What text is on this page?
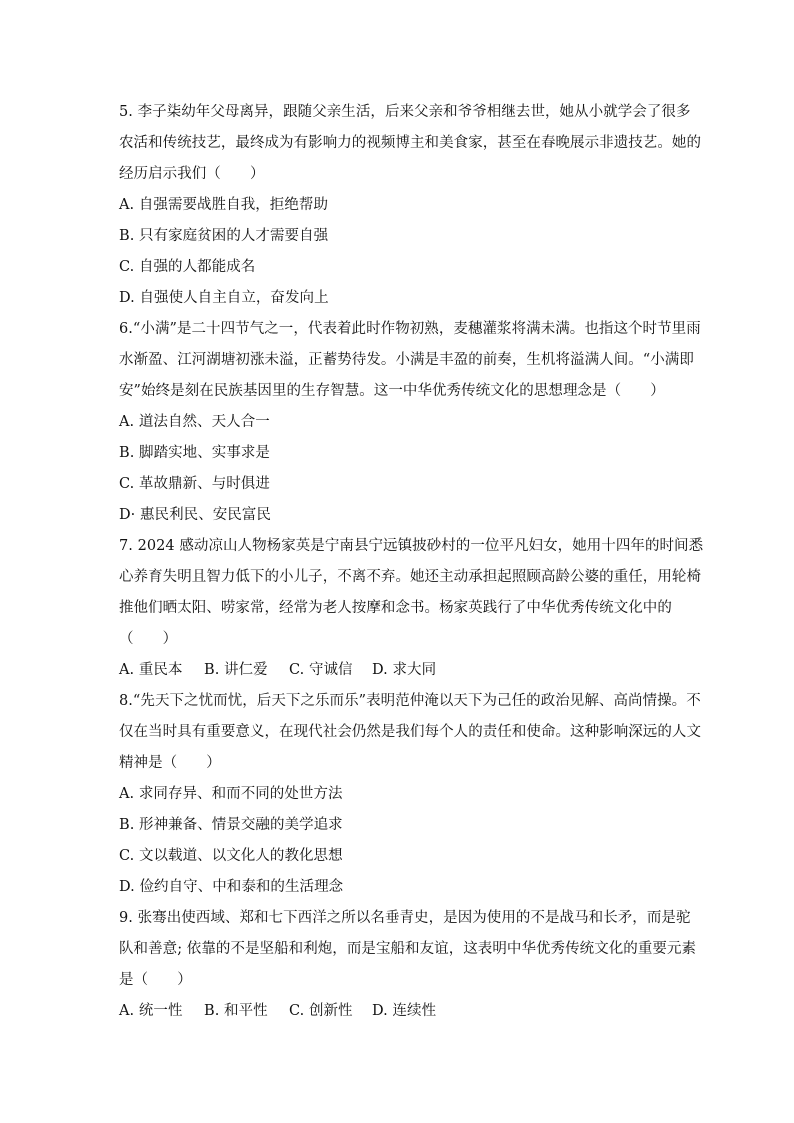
5. 李子柒幼年父母离异，跟随父亲生活，后来父亲和爷爷相继去世，她从小就学会了很多
农活和传统技艺，最终成为有影响力的视频博主和美食家，甚至在春晚展示非遗技艺。她的
经历启示我们（　　）
A. 自强需要战胜自我，拒绝帮助
B. 只有家庭贫困的人才需要自强
C. 自强的人都能成名
D. 自强使人自主自立，奋发向上
6.“小满”是二十四节气之一，代表着此时作物初熟，麦穗灌浆将满未满。也指这个时节里雨
水渐盈、江河湖塘初涨未溢，正蓄势待发。小满是丰盈的前奏，生机将溢满人间。“小满即
安”始终是刻在民族基因里的生存智慧。这一中华优秀传统文化的思想理念是（　　）
A. 道法自然、天人合一
B. 脚踏实地、实事求是
C. 革故鼎新、与时俱进
D· 惠民利民、安民富民
7. 2024 感动凉山人物杨家英是宁南县宁远镇披砂村的一位平凡妇女，她用十四年的时间悉
心养育失明且智力低下的小儿子，不离不弃。她还主动承担起照顾高龄公婆的重任，用轮椅
推他们晒太阳、唠家常，经常为老人按摩和念书。杨家英践行了中华优秀传统文化中的
（　　）
A. 重民本 B. 讲仁爱 C. 守诚信 D. 求大同
8.“先天下之忧而忧，后天下之乐而乐”表明范仲淹以天下为己任的政治见解、高尚情操。不
仅在当时具有重要意义，在现代社会仍然是我们每个人的责任和使命。这种影响深远的人文
精神是（　　）
A. 求同存异、和而不同的处世方法
B. 形神兼备、情景交融的美学追求
C. 文以载道、以文化人的教化思想
D. 俭约自守、中和泰和的生活理念
9. 张骞出使西域、郑和七下西洋之所以名垂青史，是因为使用的不是战马和长矛，而是驼
队和善意; 依靠的不是坚船和利炮，而是宝船和友谊，这表明中华优秀传统文化的重要元素
是（　　）
A. 统一性 B. 和平性 C. 创新性 D. 连续性
